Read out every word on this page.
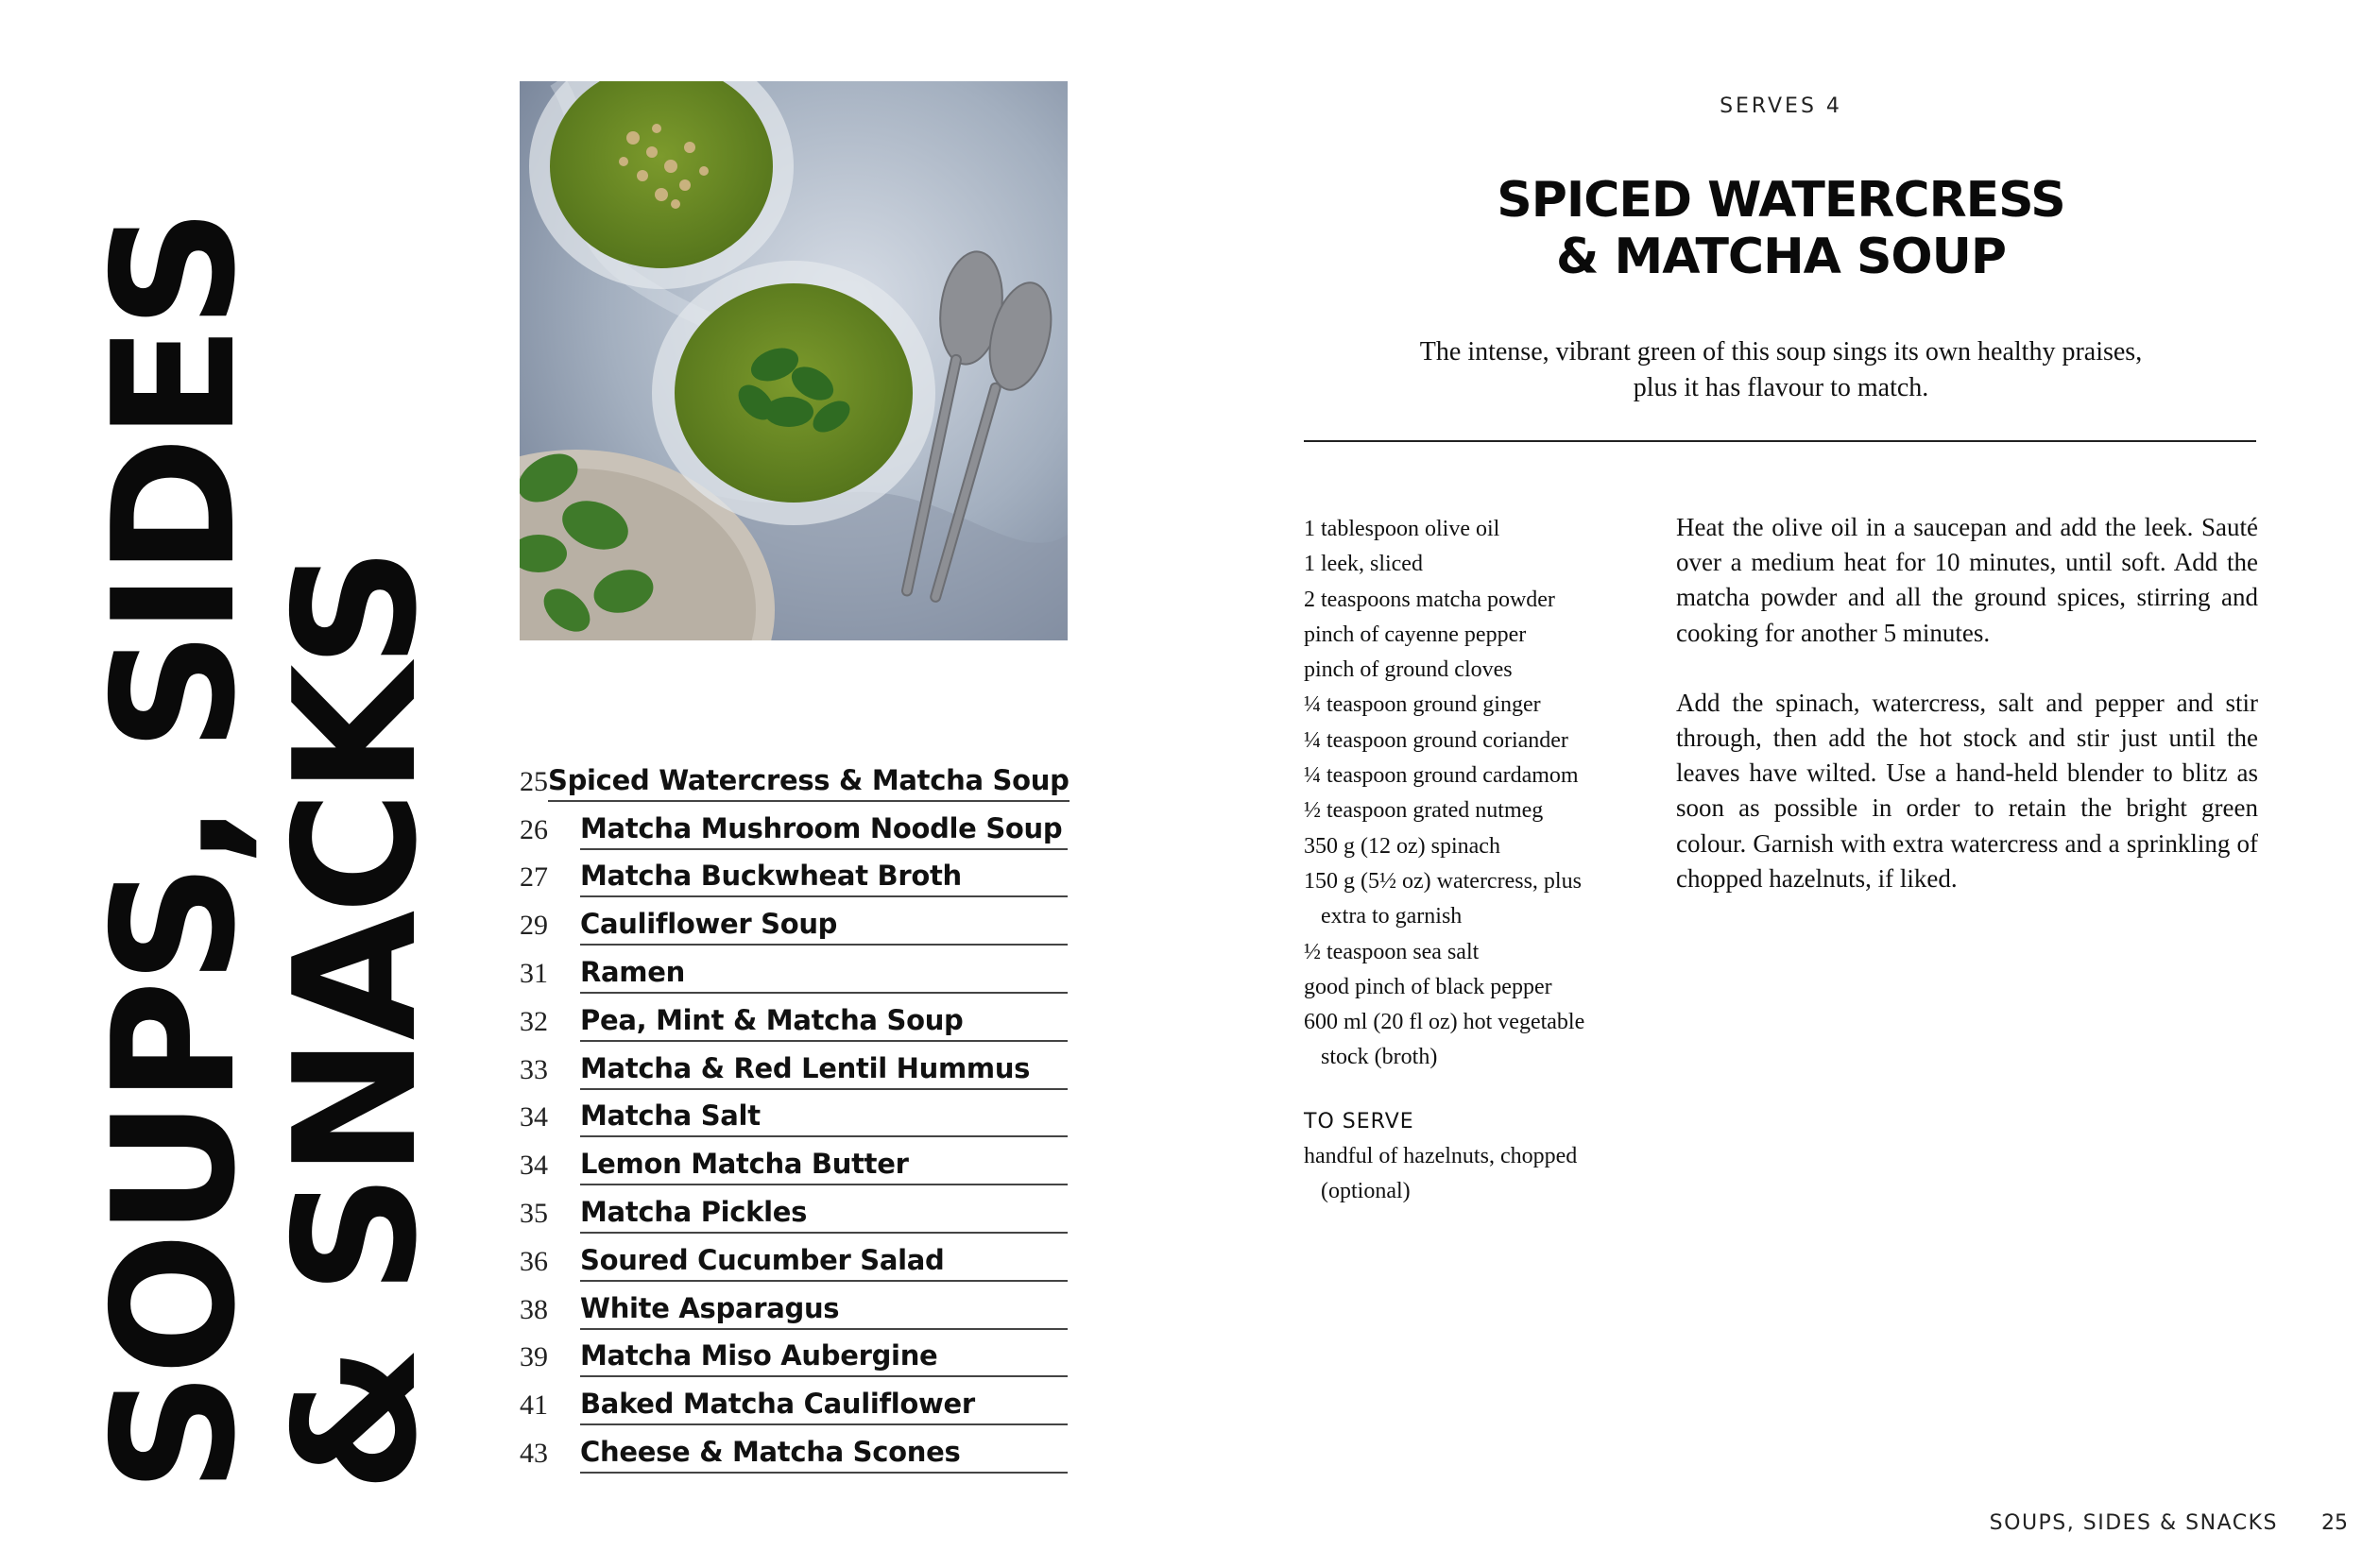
SOUPS, SIDES
& SNACKS 25 Spiced Watercress & Matcha Soup
26	Matcha Mushroom Noodle Soup
27	Matcha Buckwheat Broth
29	Cauliflower Soup
31	Ramen
32	Pea, Mint & Matcha Soup
33	Matcha & Red Lentil Hummus
34	Matcha Salt
34	Lemon Matcha Butter
35	Matcha Pickles
36	Soured Cucumber Salad
38	White Asparagus
39	Matcha Miso Aubergine
41	Baked Matcha Cauliflower
43	Cheese & Matcha Scones
SERVES 4
SPICED WATERCRESS
& MATCHA SOUP
The intense, vibrant green of this soup sings its own healthy praises,
plus it has flavour to match.
1 tablespoon olive oil
1 leek, sliced
2 teaspoons matcha powder
pinch of cayenne pepper
pinch of ground cloves
¼ teaspoon ground ginger
¼ teaspoon ground coriander
¼ teaspoon ground cardamom
½ teaspoon grated nutmeg
350 g (12 oz) spinach
150 g (5½ oz) watercress, plus
extra to garnish
½ teaspoon sea salt
good pinch of black pepper
600 ml (20 fl oz) hot vegetable
stock (broth)
TO SERVE
handful of hazelnuts, chopped
(optional)

Heat the olive oil in a saucepan and add the leek. Sauté over a medium heat for 10 minutes, until soft. Add the matcha powder and all the ground spices, stirring and cooking for another 5 minutes.

Add the spinach, watercress, salt and pepper and stir through, then add the hot stock and stir just until the leaves have wilted. Use a hand-held blender to blitz as soon as possible in order to retain the bright green colour. Garnish with extra watercress and a sprinkling of chopped hazelnuts, if liked.

SOUPS, SIDES & SNACKS 25
